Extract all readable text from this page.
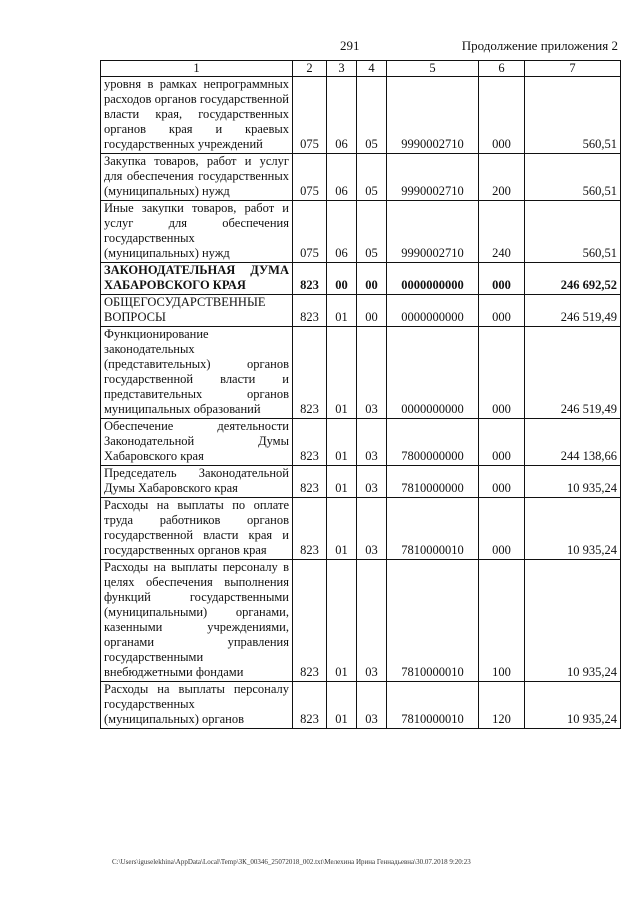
291	Продолжение приложения 2
1	2	3	4	5	6	7
уровня в рамках непрограммных расходов органов государственной власти края, государственных органов края и краевых государственных учреждений	075	06	05	9990002710	000	560,51
Закупка товаров, работ и услуг для обеспечения государственных (муниципальных) нужд	075	06	05	9990002710	200	560,51
Иные закупки товаров, работ и услуг для обеспечения государственных (муниципальных) нужд	075	06	05	9990002710	240	560,51
ЗАКОНОДАТЕЛЬНАЯ ДУМА ХАБАРОВСКОГО КРАЯ	823	00	00	0000000000	000	246 692,52
ОБЩЕГОСУДАРСТВЕННЫЕ ВОПРОСЫ	823	01	00	0000000000	000	246 519,49
Функционирование законодательных (представительных) органов государственной власти и представительных органов муниципальных образований	823	01	03	0000000000	000	246 519,49
Обеспечение деятельности Законодательной Думы Хабаровского края	823	01	03	7800000000	000	244 138,66
Председатель Законодательной Думы Хабаровского края	823	01	03	7810000000	000	10 935,24
Расходы на выплаты по оплате труда работников органов государственной власти края и государственных органов края	823	01	03	7810000010	000	10 935,24
Расходы на выплаты персоналу в целях обеспечения выполнения функций государственными (муниципальными) органами, казенными учреждениями, органами управления государственными внебюджетными фондами	823	01	03	7810000010	100	10 935,24
Расходы на выплаты персоналу государственных (муниципальных) органов	823	01	03	7810000010	120	10 935,24
C:\Users\iguselekhina\AppData\Local\Temp\ЗК_00346_25072018_002.txt\Мелехина Ирина Геннадьевна\30.07.2018 9:20:23
